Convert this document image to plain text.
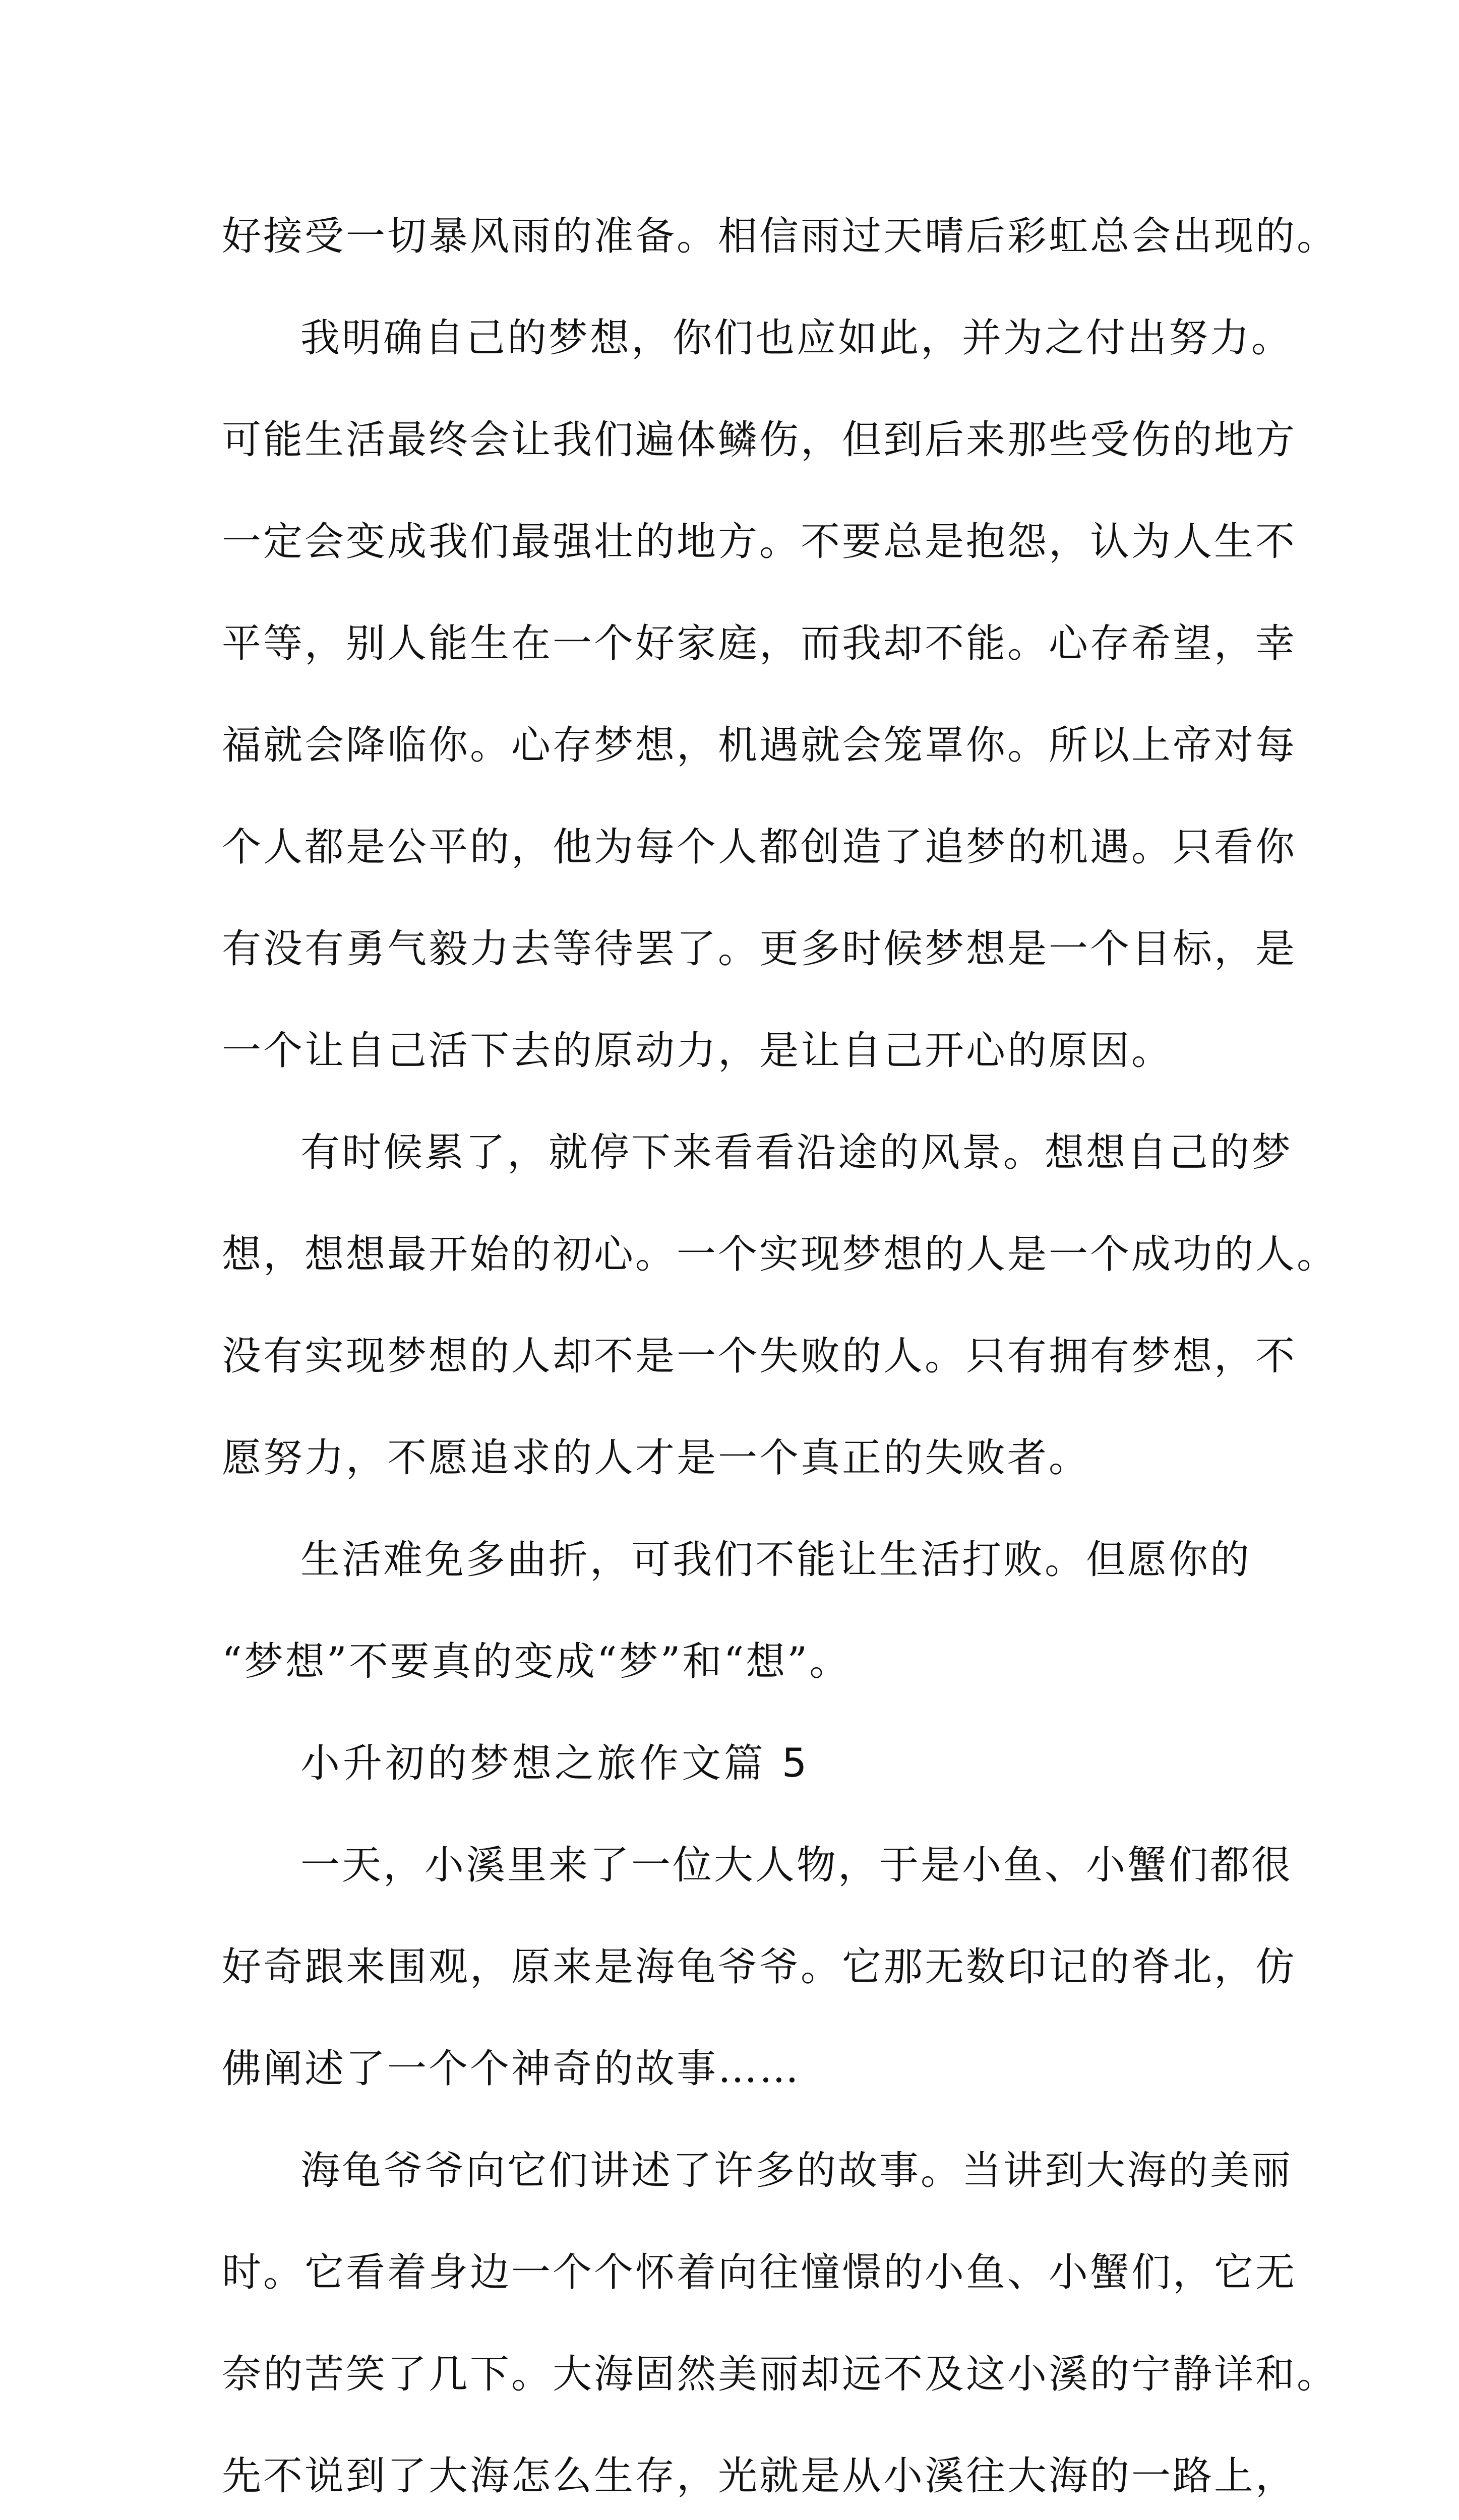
好接受一切暴风雨的准备。相信雨过天晴后彩虹总会出现的。
我明确自己的梦想，你们也应如此，并为之付出努力。
可能生活最终会让我们遍体鳞伤，但到后来那些受伤的地方
一定会变成我们最强壮的地方。不要总是抱怨，认为人生不
平等，别人能生在一个好家庭，而我却不能。心存希望，幸
福就会降临你。心存梦想，机遇就会笼罩你。所以上帝对每
个人都是公平的，他为每个人都创造了追梦的机遇。只看你
有没有勇气毅力去等待罢了。更多时候梦想是一个目标，是
一个让自己活下去的原动力，是让自己开心的原因。
有时候累了，就停下来看看沿途的风景。想想自己的梦
想，想想最开始的初心。一个实现梦想的人是一个成功的人。
没有实现梦想的人却不是一个失败的人。只有拥有梦想，不
愿努力，不愿追求的人才是一个真正的失败者。
生活难免多曲折，可我们不能让生活打败。但愿你的
“梦想”不要真的变成“梦”和“想”。
小升初的梦想之旅作文篇 5
一天，小溪里来了一位大人物，于是小鱼、小蟹们都很
好奇跟来围观，原来是海龟爷爷。它那无数印记的脊北，仿
佛阐述了一个个神奇的故事……
海龟爷爷向它们讲述了许多的故事。当讲到大海的美丽
时。它看着身边一个个怀着向往憧憬的小鱼、小蟹们，它无
奈的苦笑了几下。大海固然美丽却远不及这小溪的宁静详和。
先不说到了大海怎么生存，光就是从小溪往大海的一路上，
